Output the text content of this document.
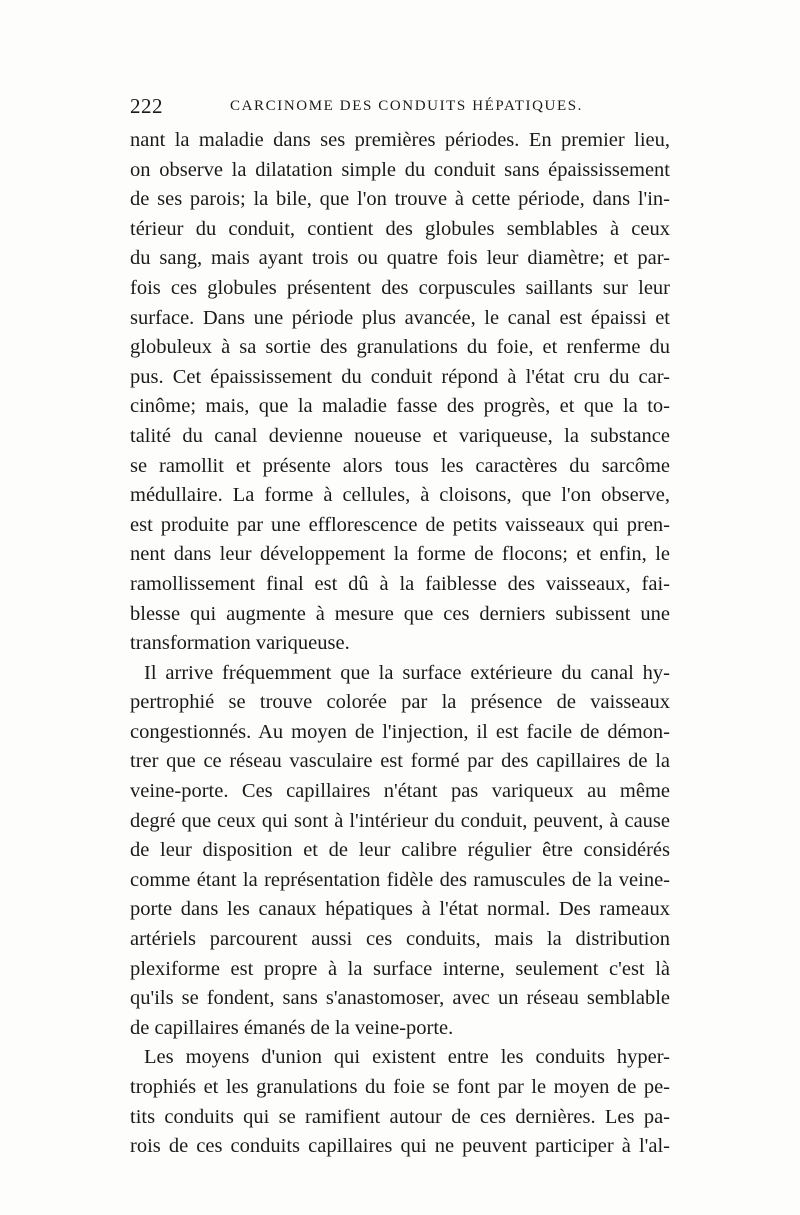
222	CARCINOME DES CONDUITS HÉPATIQUES.
nant la maladie dans ses premières périodes. En premier lieu,
on observe la dilatation simple du conduit sans épaississement
de ses parois; la bile, que l'on trouve à cette période, dans l'in-
térieur du conduit, contient des globules semblables à ceux
du sang, mais ayant trois ou quatre fois leur diamètre; et par-
fois ces globules présentent des corpuscules saillants sur leur
surface. Dans une période plus avancée, le canal est épaissi et
globuleux à sa sortie des granulations du foie, et renferme du
pus. Cet épaississement du conduit répond à l'état cru du car-
cinôme; mais, que la maladie fasse des progrès, et que la to-
talité du canal devienne noueuse et variqueuse, la substance
se ramollit et présente alors tous les caractères du sarcôme
médullaire. La forme à cellules, à cloisons, que l'on observe,
est produite par une efflorescence de petits vaisseaux qui pren-
nent dans leur développement la forme de flocons; et enfin, le
ramollissement final est dû à la faiblesse des vaisseaux, fai-
blesse qui augmente à mesure que ces derniers subissent une
transformation variqueuse.
Il arrive fréquemment que la surface extérieure du canal hy-
pertrophié se trouve colorée par la présence de vaisseaux
congestionnés. Au moyen de l'injection, il est facile de démon-
trer que ce réseau vasculaire est formé par des capillaires de la
veine-porte. Ces capillaires n'étant pas variqueux au même
degré que ceux qui sont à l'intérieur du conduit, peuvent, à cause
de leur disposition et de leur calibre régulier être considérés
comme étant la représentation fidèle des ramuscules de la veine-
porte dans les canaux hépatiques à l'état normal. Des rameaux
artériels parcourent aussi ces conduits, mais la distribution
plexiforme est propre à la surface interne, seulement c'est là
qu'ils se fondent, sans s'anastomoser, avec un réseau semblable
de capillaires émanés de la veine-porte.
Les moyens d'union qui existent entre les conduits hyper-
trophiés et les granulations du foie se font par le moyen de pe-
tits conduits qui se ramifient autour de ces dernières. Les pa-
rois de ces conduits capillaires qui ne peuvent participer à l'al-
